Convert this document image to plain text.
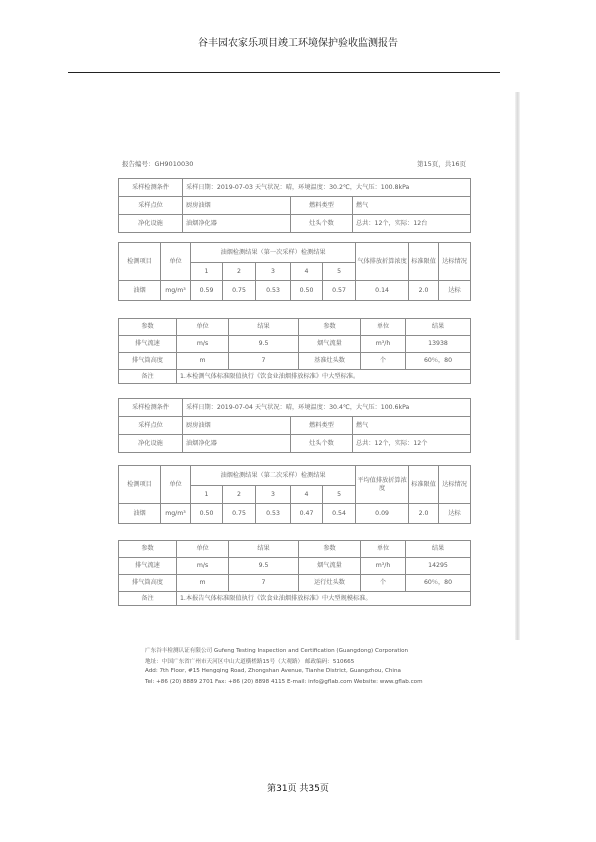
谷丰园农家乐项目竣工环境保护验收监测报告
报告编号：GH9010030	第15页，共16页
采样检测条件	采样日期：2019-07-03 天气状况：晴，环境温度：30.2℃，大气压：100.8kPa		
采样点位	厨房油烟	燃料类型	燃气
净化设施	油烟净化器	灶头个数	总共：12个，实际：12台
检测项目	单位	油烟检测结果（第一次采样）检测结果					气体排放折算浓度	标准限值	达标情况
		1	2	3	4	5			
油烟	mg/m³	0.59	0.75	0.53	0.50	0.57	0.14	2.0	达标
参数	单位	结果	参数	单位	结果
排气流速	m/s	9.5	烟气流量	m³/h	13938
排气筒高度	m	7	基准灶头数	个	60％，80
备注	1.本检测气体标准限值执行《饮食业油烟排放标准》中大型标准。				
采样检测条件	采样日期：2019-07-04 天气状况：晴，环境温度：30.4℃，大气压：100.6kPa		
采样点位	厨房油烟	燃料类型	燃气
净化设施	油烟净化器	灶头个数	总共：12个，实际：12个
检测项目	单位	油烟检测结果（第二次采样）检测结果					平均值排放折算浓度	标准限值	达标情况
		1	2	3	4	5			
油烟	mg/m³	0.50	0.75	0.53	0.47	0.54	0.09	2.0	达标
参数	单位	结果	参数	单位	结果
排气流速	m/s	9.5	烟气流量	m³/h	14295
排气筒高度	m	7	运行灶头数	个	60％，80
备注	1.本报告气体标准限值执行《饮食业油烟排放标准》中大型规模标准。				
广东谷丰检测认证有限公司 Gufeng Testing Inspection and Certification (Guangdong) Corporation
地址：中国广东省广州市天河区中山大道横槎路15号（大观路） 邮政编码：510665
Add: 7th Floor, #15 Hengqing Road, Zhongshan Avenue, Tianhe District, Guangzhou, China
Tel: +86 (20) 8889 2701 Fax: +86 (20) 8898 4115 E-mail: info@gflab.com Website: www.gflab.com
第31页 共35页
